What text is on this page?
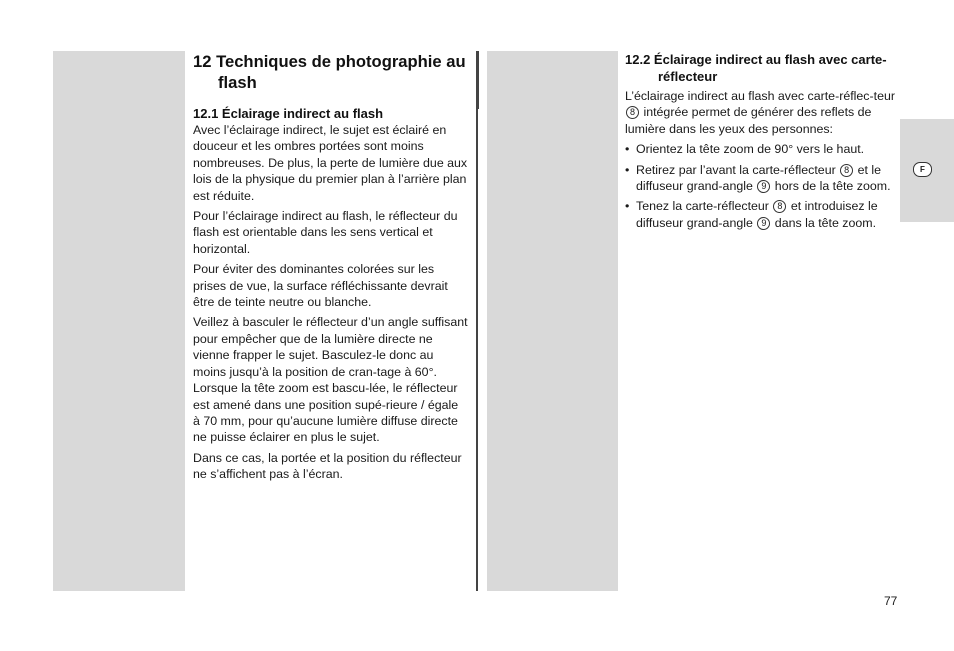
12 Techniques de photographie au flash
12.1 Éclairage indirect au flash

Avec l’éclairage indirect, le sujet est éclairé en douceur et les ombres portées sont moins nombreuses. De plus, la perte de lumière due aux lois de la physique du premier plan à l’arrière plan est réduite.

Pour l’éclairage indirect au flash, le réflecteur du flash est orientable dans les sens vertical et horizontal.

Pour éviter des dominantes colorées sur les prises de vue, la surface réfléchissante devrait être de teinte neutre ou blanche.

Veillez à basculer le réflecteur d’un angle suffisant pour empêcher que de la lumière directe ne vienne frapper le sujet. Basculez-le donc au moins jusqu’à la position de cran-tage à 60°. Lorsque la tête zoom est bascu-lée, le réflecteur est amené dans une position supé-rieure / égale à 70 mm, pour qu’aucune lumière diffuse directe ne puisse éclairer en plus le sujet.

Dans ce cas, la portée et la position du réflecteur ne s’affichent pas à l’écran.

12.2 Éclairage indirect au flash avec carte-réflecteur

L’éclairage indirect au flash avec carte-réflec-teur 8 intégrée permet de générer des reflets de lumière dans les yeux des personnes:

• Orientez la tête zoom de 90° vers le haut.
• Retirez par l’avant la carte-réflecteur 8 et le diffuseur grand-angle 9 hors de la tête zoom.
• Tenez la carte-réflecteur 8 et introduisez le diffuseur grand-angle 9 dans la tête zoom.
F
77
